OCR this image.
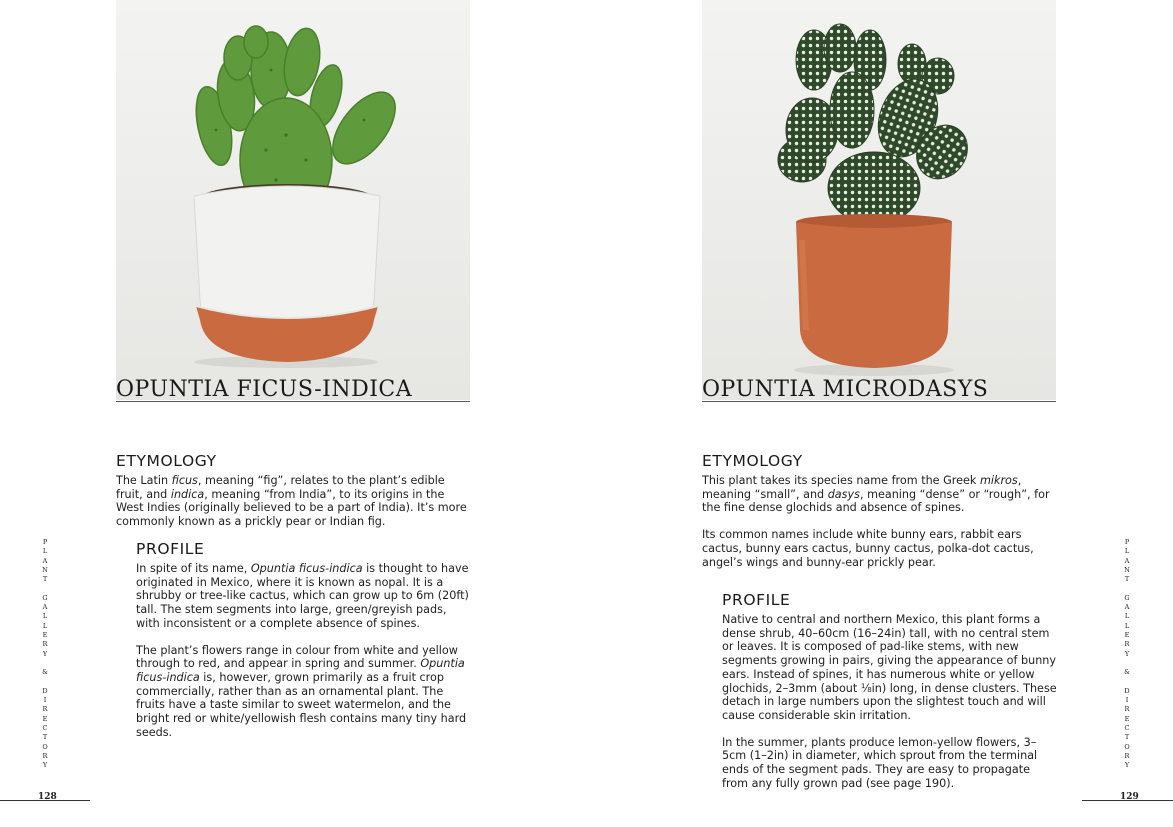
OPUNTIA FICUS-INDICA
ETYMOLOGY

The Latin ficus, meaning “fig”, relates to the plant’s edible fruit, and indica, meaning “from India”, to its origins in the West Indies (originally believed to be a part of India). It’s more commonly known as a prickly pear or Indian fig.

PROFILE

In spite of its name, Opuntia ficus-indica is thought to have originated in Mexico, where it is known as nopal. It is a shrubby or tree-like cactus, which can grow up to 6m (20ft) tall. The stem segments into large, green/greyish pads, with inconsistent or a complete absence of spines.

The plant’s flowers range in colour from white and yellow through to red, and appear in spring and summer. Opuntia ficus-indica is, however, grown primarily as a fruit crop commercially, rather than as an ornamental plant. The fruits have a taste similar to sweet watermelon, and the bright red or white/yellowish flesh contains many tiny hard seeds.

P
L
A
N
T
G
A
L
L
E
R
Y
&
D
I
R
E
C
T
O
R
Y
128
OPUNTIA MICRODASYS
ETYMOLOGY

This plant takes its species name from the Greek mikros, meaning “small”, and dasys, meaning “dense” or “rough”, for the fine dense glochids and absence of spines.

Its common names include white bunny ears, rabbit ears cactus, bunny ears cactus, bunny cactus, polka-dot cactus, angel’s wings and bunny-ear prickly pear.

PROFILE

Native to central and northern Mexico, this plant forms a dense shrub, 40–60cm (16–24in) tall, with no central stem or leaves. It is composed of pad-like stems, with new segments growing in pairs, giving the appearance of bunny ears. Instead of spines, it has numerous white or yellow glochids, 2–3mm (about ⅛in) long, in dense clusters. These detach in large numbers upon the slightest touch and will cause considerable skin irritation.

In the summer, plants produce lemon-yellow flowers, 3–5cm (1–2in) in diameter, which sprout from the terminal ends of the segment pads. They are easy to propagate from any fully grown pad (see page 190).

P
L
A
N
T
G
A
L
L
E
R
Y
&
D
I
R
E
C
T
O
R
Y
129
